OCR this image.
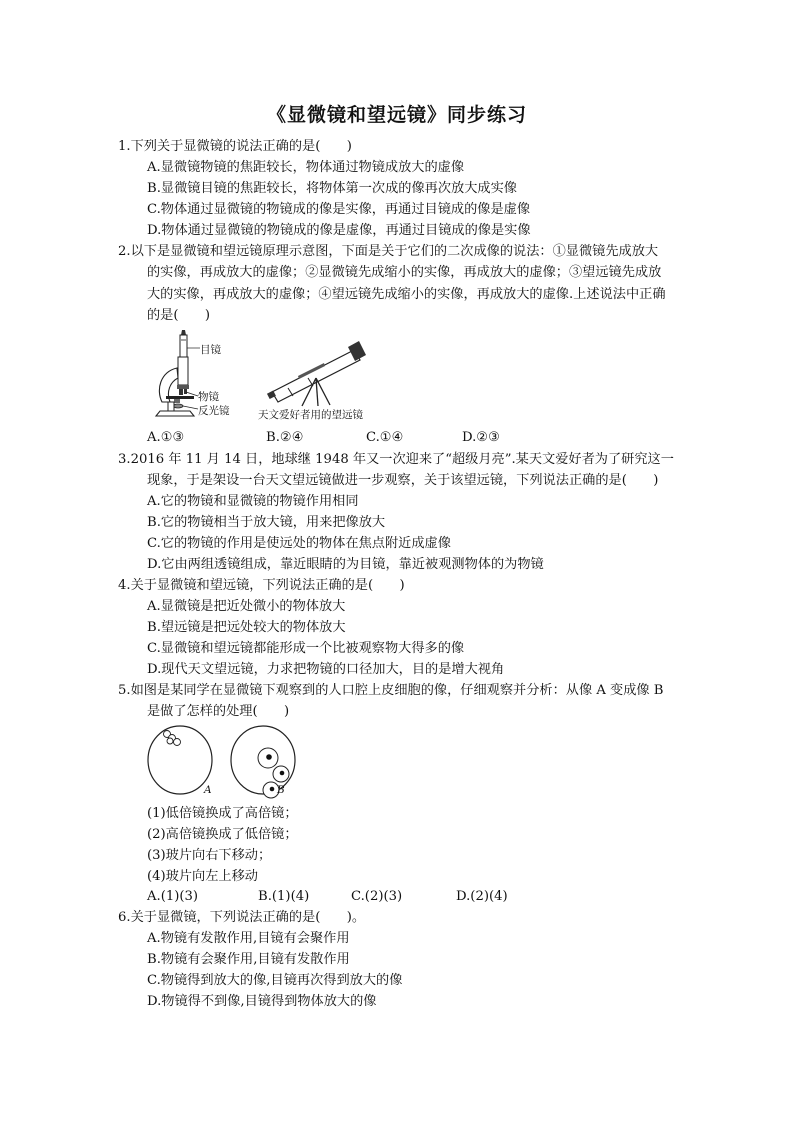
《显微镜和望远镜》同步练习
1.下列关于显微镜的说法正确的是(　　)
A.显微镜物镜的焦距较长，物体通过物镜成放大的虚像
B.显微镜目镜的焦距较长，将物体第一次成的像再次放大成实像
C.物体通过显微镜的物镜成的像是实像，再通过目镜成的像是虚像
D.物体通过显微镜的物镜成的像是虚像，再通过目镜成的像是实像
2.以下是显微镜和望远镜原理示意图，下面是关于它们的二次成像的说法：①显微镜先成放大
的实像，再成放大的虚像；②显微镜先成缩小的实像，再成放大的虚像；③望远镜先成放
大的实像，再成放大的虚像；④望远镜先成缩小的实像，再成放大的虚像.上述说法中正确
的是(　　)
目镜
物镜
反光镜	天文爱好者用的望远镜
A.①③	B.②④	C.①④	D.②③
3.2016 年 11 月 14 日，地球继 1948 年又一次迎来了“超级月亮”.某天文爱好者为了研究这一
现象，于是架设一台天文望远镜做进一步观察，关于该望远镜，下列说法正确的是(　　)
A.它的物镜和显微镜的物镜作用相同
B.它的物镜相当于放大镜，用来把像放大
C.它的物镜的作用是使远处的物体在焦点附近成虚像
D.它由两组透镜组成，靠近眼睛的为目镜，靠近被观测物体的为物镜
4.关于显微镜和望远镜，下列说法正确的是(　　)
A.显微镜是把近处微小的物体放大
B.望远镜是把远处较大的物体放大
C.显微镜和望远镜都能形成一个比被观察物大得多的像
D.现代天文望远镜，力求把物镜的口径加大，目的是增大视角
5.如图是某同学在显微镜下观察到的人口腔上皮细胞的像，仔细观察并分析：从像 A 变成像 B
是做了怎样的处理(　　)
A	B
(1)低倍镜换成了高倍镜；
(2)高倍镜换成了低倍镜；
(3)玻片向右下移动；
(4)玻片向左上移动
A.(1)(3)	B.(1)(4)	C.(2)(3)	D.(2)(4)
6.关于显微镜，下列说法正确的是(　　)。
A.物镜有发散作用,目镜有会聚作用
B.物镜有会聚作用,目镜有发散作用
C.物镜得到放大的像,目镜再次得到放大的像
D.物镜得不到像,目镜得到物体放大的像
